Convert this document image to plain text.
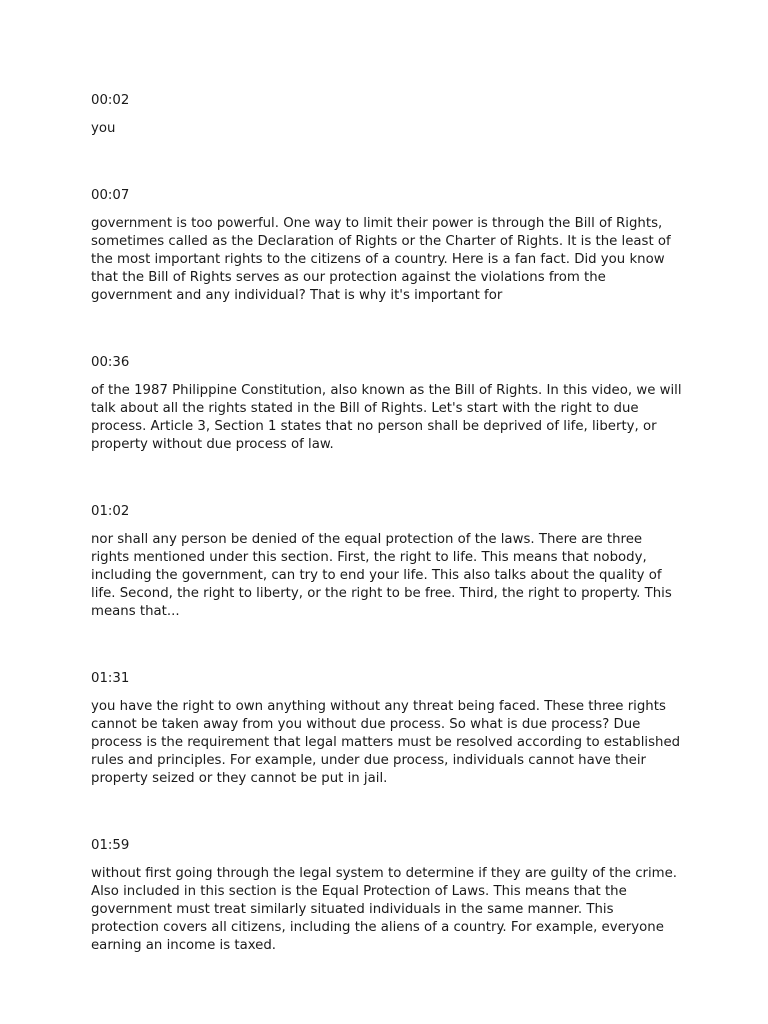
00:02

you

00:07

government is too powerful. One way to limit their power is through the Bill of Rights, sometimes called as the Declaration of Rights or the Charter of Rights. It is the least of the most important rights to the citizens of a country. Here is a fan fact. Did you know that the Bill of Rights serves as our protection against the violations from the government and any individual? That is why it's important for

00:36

of the 1987 Philippine Constitution, also known as the Bill of Rights. In this video, we will talk about all the rights stated in the Bill of Rights. Let's start with the right to due process. Article 3, Section 1 states that no person shall be deprived of life, liberty, or property without due process of law.

01:02

nor shall any person be denied of the equal protection of the laws. There are three rights mentioned under this section. First, the right to life. This means that nobody, including the government, can try to end your life. This also talks about the quality of life. Second, the right to liberty, or the right to be free. Third, the right to property. This means that...

01:31

you have the right to own anything without any threat being faced. These three rights cannot be taken away from you without due process. So what is due process? Due process is the requirement that legal matters must be resolved according to established rules and principles. For example, under due process, individuals cannot have their property seized or they cannot be put in jail.

01:59

without first going through the legal system to determine if they are guilty of the crime. Also included in this section is the Equal Protection of Laws. This means that the government must treat similarly situated individuals in the same manner. This protection covers all citizens, including the aliens of a country. For example, everyone earning an income is taxed.
